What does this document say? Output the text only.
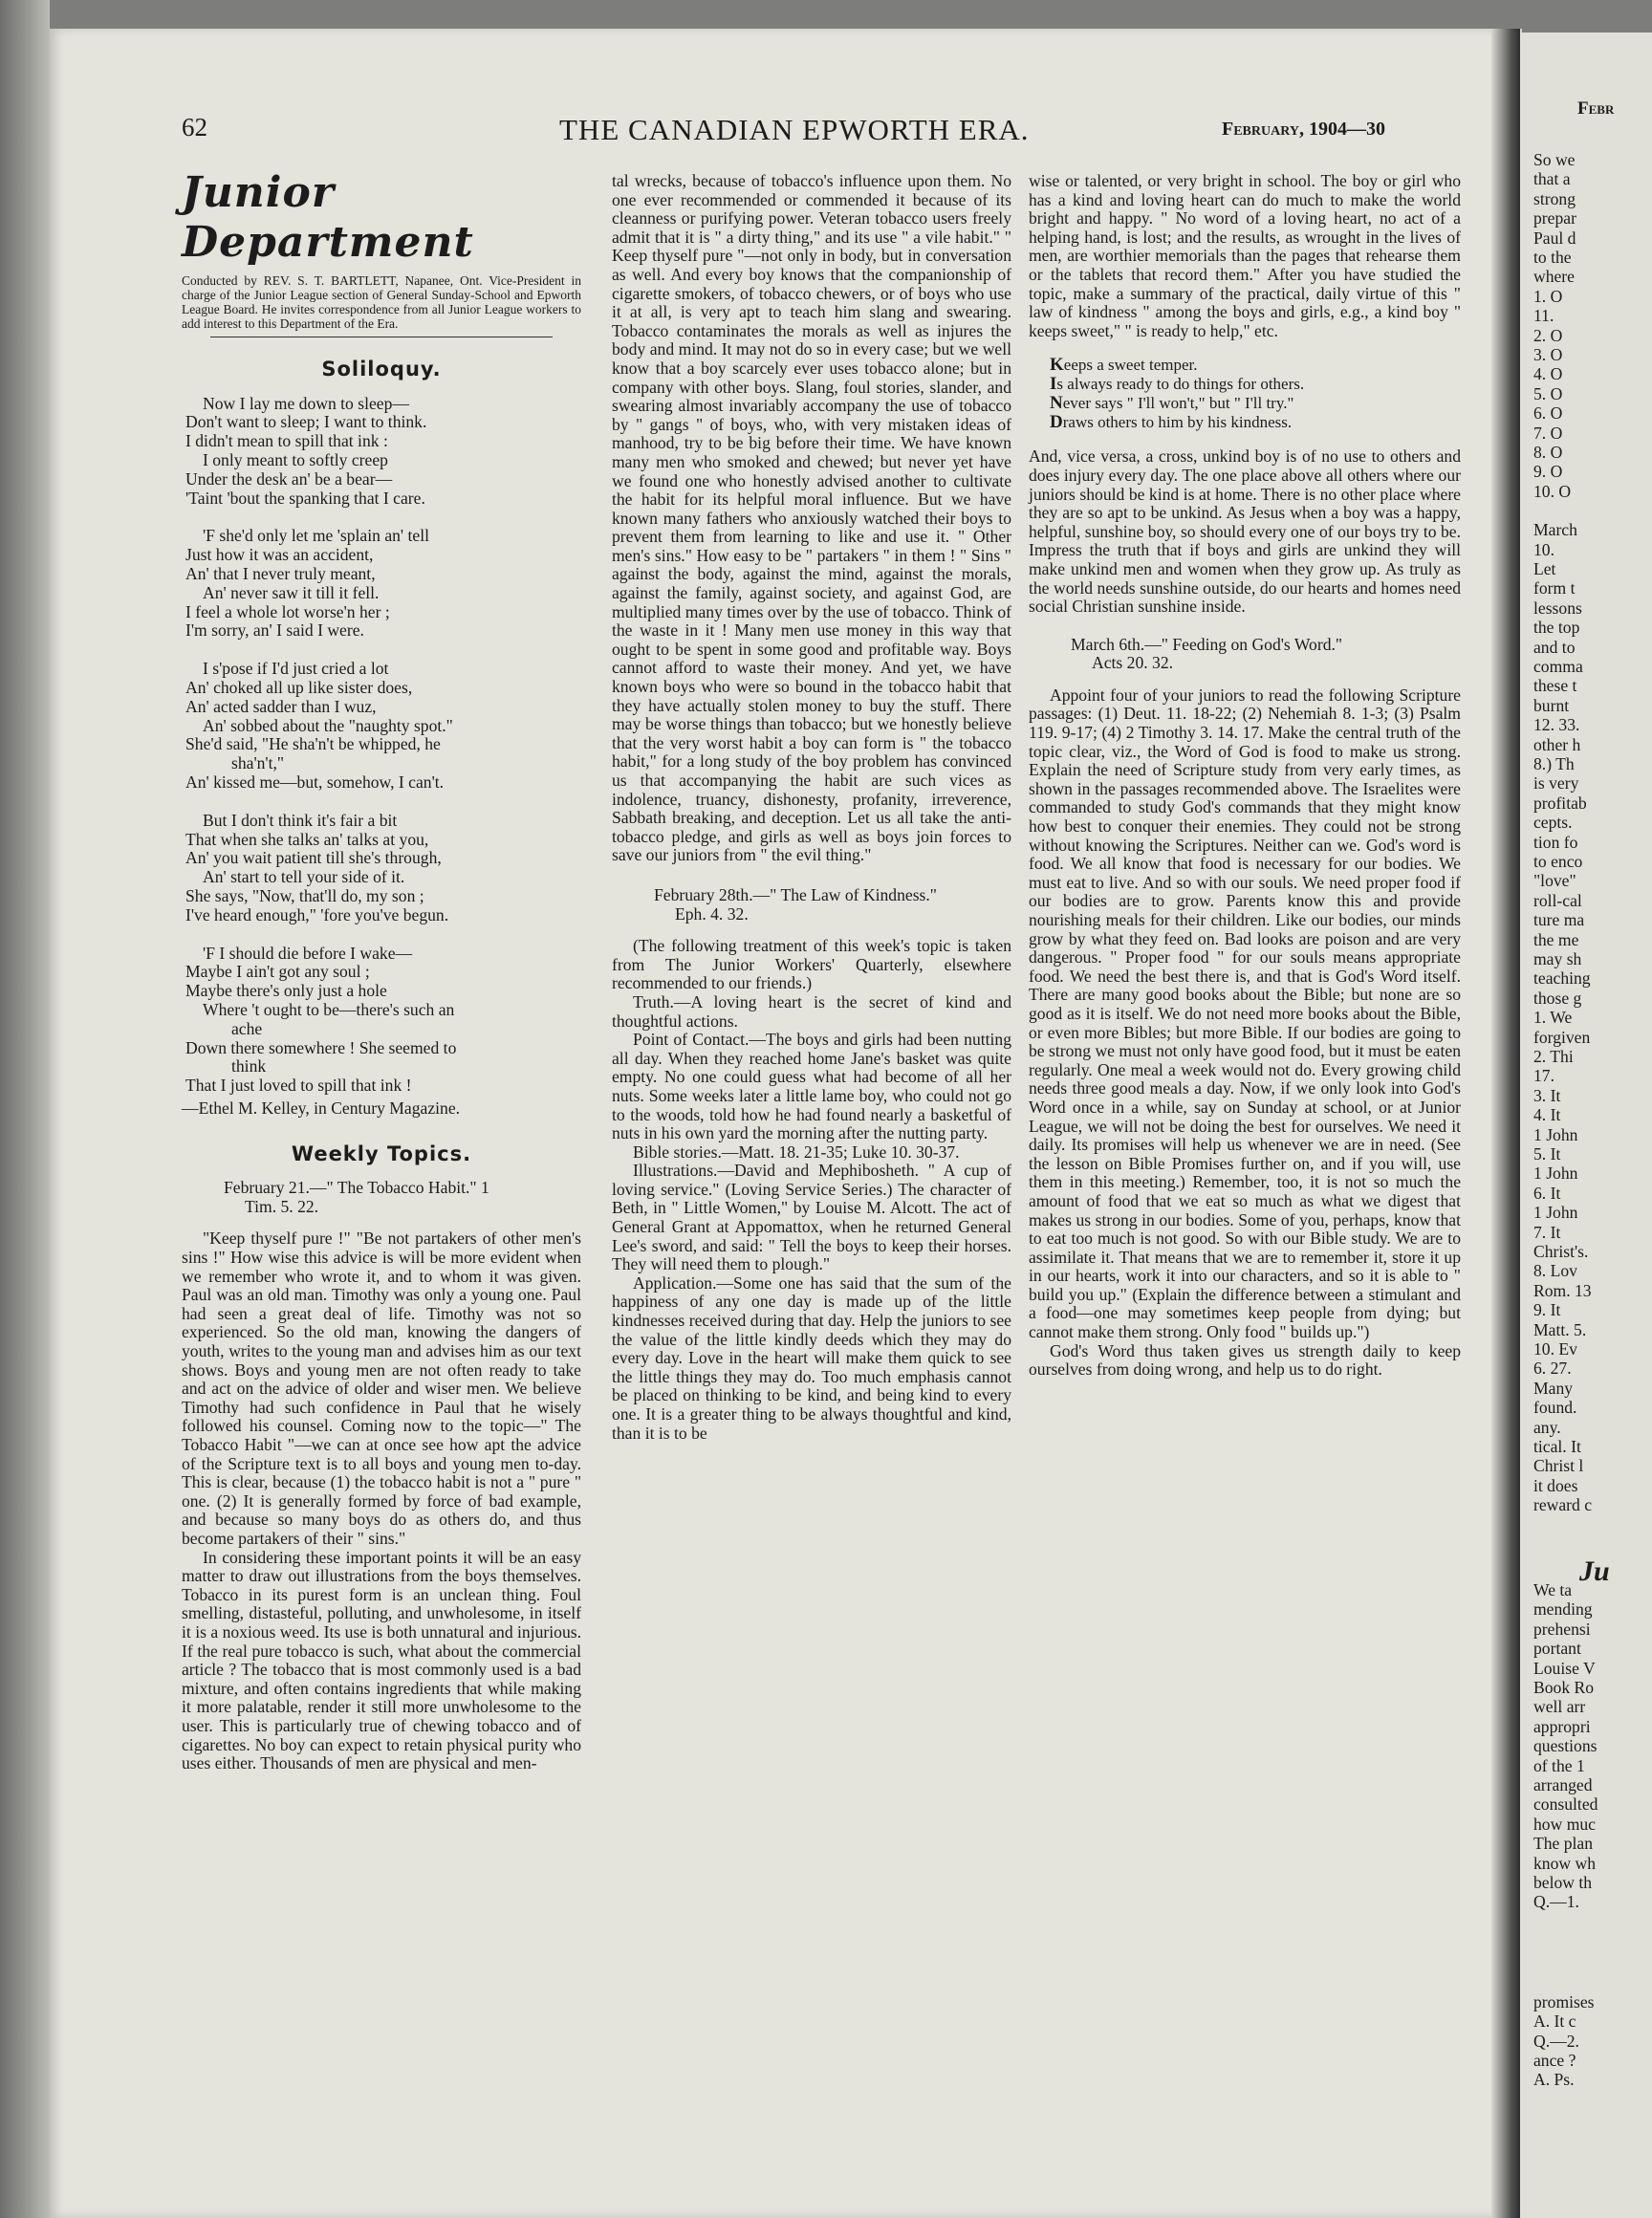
62	THE CANADIAN EPWORTH ERA.	February, 1904—30
Junior Department
Conducted by REV. S. T. BARTLETT, Napanee, Ont. Vice-President in charge of the Junior League section of General Sunday-School and Epworth League Board. He invites correspondence from all Junior League workers to add interest to this Department of the Era.
Soliloquy.
Now I lay me down to sleep—
Don't want to sleep; I want to think.
I didn't mean to spill that ink :
I only meant to softly creep
Under the desk an' be a bear—
'Taint 'bout the spanking that I care.
'F she'd only let me 'splain an' tell
Just how it was an accident,
An' that I never truly meant,
An' never saw it till it fell.
I feel a whole lot worse'n her ;
I'm sorry, an' I said I were.
I s'pose if I'd just cried a lot
An' choked all up like sister does,
An' acted sadder than I wuz,
An' sobbed about the "naughty spot."
She'd said, "He sha'n't be whipped, he
sha'n't,"
An' kissed me—but, somehow, I can't.
But I don't think it's fair a bit
That when she talks an' talks at you,
An' you wait patient till she's through,
An' start to tell your side of it.
She says, "Now, that'll do, my son ;
I've heard enough," 'fore you've begun.
'F I should die before I wake—
Maybe I ain't got any soul ;
Maybe there's only just a hole
Where 't ought to be—there's such an
ache
Down there somewhere ! She seemed to
think
That I just loved to spill that ink !
—Ethel M. Kelley, in Century Magazine.
Weekly Topics.

February 21.—" The Tobacco Habit." 1
Tim. 5. 22.

"Keep thyself pure !" "Be not partakers of other men's sins !" How wise this advice is will be more evident when we remember who wrote it, and to whom it was given. Paul was an old man. Timothy was only a young one. Paul had seen a great deal of life. Timothy was not so experienced. So the old man, knowing the dangers of youth, writes to the young man and advises him as our text shows. Boys and young men are not often ready to take and act on the advice of older and wiser men. We believe Timothy had such confidence in Paul that he wisely followed his counsel. Coming now to the topic—" The Tobacco Habit "—we can at once see how apt the advice of the Scripture text is to all boys and young men to-day. This is clear, because (1) the tobacco habit is not a " pure " one. (2) It is generally formed by force of bad example, and because so many boys do as others do, and thus become partakers of their " sins."

In considering these important points it will be an easy matter to draw out illustrations from the boys themselves. Tobacco in its purest form is an unclean thing. Foul smelling, distasteful, polluting, and unwholesome, in itself it is a noxious weed. Its use is both unnatural and injurious. If the real pure tobacco is such, what about the commercial article ? The tobacco that is most commonly used is a bad mixture, and often contains ingredients that while making it more palatable, render it still more unwholesome to the user. This is particularly true of chewing tobacco and of cigarettes. No boy can expect to retain physical purity who uses either. Thousands of men are physical and men-

tal wrecks, because of tobacco's influence upon them. No one ever recommended or commended it because of its cleanness or purifying power. Veteran tobacco users freely admit that it is " a dirty thing," and its use " a vile habit." " Keep thyself pure "—not only in body, but in conversation as well. And every boy knows that the companionship of cigarette smokers, of tobacco chewers, or of boys who use it at all, is very apt to teach him slang and swearing. Tobacco contaminates the morals as well as injures the body and mind. It may not do so in every case; but we well know that a boy scarcely ever uses tobacco alone; but in company with other boys. Slang, foul stories, slander, and swearing almost invariably accompany the use of tobacco by " gangs " of boys, who, with very mistaken ideas of manhood, try to be big before their time. We have known many men who smoked and chewed; but never yet have we found one who honestly advised another to cultivate the habit for its helpful moral influence. But we have known many fathers who anxiously watched their boys to prevent them from learning to like and use it. " Other men's sins." How easy to be " partakers " in them ! " Sins " against the body, against the mind, against the morals, against the family, against society, and against God, are multiplied many times over by the use of tobacco. Think of the waste in it ! Many men use money in this way that ought to be spent in some good and profitable way. Boys cannot afford to waste their money. And yet, we have known boys who were so bound in the tobacco habit that they have actually stolen money to buy the stuff. There may be worse things than tobacco; but we honestly believe that the very worst habit a boy can form is " the tobacco habit," for a long study of the boy problem has convinced us that accompanying the habit are such vices as indolence, truancy, dishonesty, profanity, irreverence, Sabbath breaking, and deception. Let us all take the anti-tobacco pledge, and girls as well as boys join forces to save our juniors from " the evil thing."

February 28th.—" The Law of Kindness."
Eph. 4. 32.

(The following treatment of this week's topic is taken from The Junior Workers' Quarterly, elsewhere recommended to our friends.)

Truth.—A loving heart is the secret of kind and thoughtful actions.

Point of Contact.—The boys and girls had been nutting all day. When they reached home Jane's basket was quite empty. No one could guess what had become of all her nuts. Some weeks later a little lame boy, who could not go to the woods, told how he had found nearly a basketful of nuts in his own yard the morning after the nutting party.

Bible stories.—Matt. 18. 21-35; Luke 10. 30-37.

Illustrations.—David and Mephibosheth. " A cup of loving service." (Loving Service Series.) The character of Beth, in " Little Women," by Louise M. Alcott. The act of General Grant at Appomattox, when he returned General Lee's sword, and said: " Tell the boys to keep their horses. They will need them to plough."

Application.—Some one has said that the sum of the happiness of any one day is made up of the little kindnesses received during that day. Help the juniors to see the value of the little kindly deeds which they may do every day. Love in the heart will make them quick to see the little things they may do. Too much emphasis cannot be placed on thinking to be kind, and being kind to every one. It is a greater thing to be always thoughtful and kind, than it is to be

wise or talented, or very bright in school. The boy or girl who has a kind and loving heart can do much to make the world bright and happy. " No word of a loving heart, no act of a helping hand, is lost; and the results, as wrought in the lives of men, are worthier memorials than the pages that rehearse them or the tablets that record them." After you have studied the topic, make a summary of the practical, daily virtue of this " law of kindness " among the boys and girls, e.g., a kind boy " keeps sweet," " is ready to help," etc.

Keeps a sweet temper.
Is always ready to do things for others.
Never says " I'll won't," but " I'll try."
Draws others to him by his kindness.

And, vice versa, a cross, unkind boy is of no use to others and does injury every day. The one place above all others where our juniors should be kind is at home. There is no other place where they are so apt to be unkind. As Jesus when a boy was a happy, helpful, sunshine boy, so should every one of our boys try to be. Impress the truth that if boys and girls are unkind they will make unkind men and women when they grow up. As truly as the world needs sunshine outside, do our hearts and homes need social Christian sunshine inside.

March 6th.—" Feeding on God's Word."
Acts 20. 32.

Appoint four of your juniors to read the following Scripture passages: (1) Deut. 11. 18-22; (2) Nehemiah 8. 1-3; (3) Psalm 119. 9-17; (4) 2 Timothy 3. 14. 17. Make the central truth of the topic clear, viz., the Word of God is food to make us strong. Explain the need of Scripture study from very early times, as shown in the passages recommended above. The Israelites were commanded to study God's commands that they might know how best to conquer their enemies. They could not be strong without knowing the Scriptures. Neither can we. God's word is food. We all know that food is necessary for our bodies. We must eat to live. And so with our souls. We need proper food if our bodies are to grow. Parents know this and provide nourishing meals for their children. Like our bodies, our minds grow by what they feed on. Bad looks are poison and are very dangerous. " Proper food " for our souls means appropriate food. We need the best there is, and that is God's Word itself. There are many good books about the Bible; but none are so good as it is itself. We do not need more books about the Bible, or even more Bibles; but more Bible. If our bodies are going to be strong we must not only have good food, but it must be eaten regularly. One meal a week would not do. Every growing child needs three good meals a day. Now, if we only look into God's Word once in a while, say on Sunday at school, or at Junior League, we will not be doing the best for ourselves. We need it daily. Its promises will help us whenever we are in need. (See the lesson on Bible Promises further on, and if you will, use them in this meeting.) Remember, too, it is not so much the amount of food that we eat so much as what we digest that makes us strong in our bodies. Some of you, perhaps, know that to eat too much is not good. So with our Bible study. We are to assimilate it. That means that we are to remember it, store it up in our hearts, work it into our characters, and so it is able to " build you up." (Explain the difference between a stimulant and a food—one may sometimes keep people from dying; but cannot make them strong. Only food " builds up.")

God's Word thus taken gives us strength daily to keep ourselves from doing wrong, and help us to do right.

Febr
So we
that a
strong
prepar
Paul d
to the
where
1. O
11.
2. O
3. O
4. O
5. O
6. O
7. O
8. O
9. O
10. O
March
10.
Let
form t
lessons
the top
and to
comma
these t
burnt
12. 33.
other h
8.) Th
is very
profitab
cepts.
tion fo
to enco
"love"
roll-cal
ture ma
the me
may sh
teaching
those g
1. We
forgiven
2. Thi
17.
3. It
4. It
1 John
5. It
1 John
6. It
1 John
7. It
Christ's.
8. Lov
Rom. 13
9. It
Matt. 5.
10. Ev
6. 27.
Many
found.
any.
tical. It
Christ l
it does
reward c
Ju
We ta
mending
prehensi
portant
Louise V
Book Ro
well arr
appropri
questions
of the 1
arranged
consulted
how muc
The plan
know wh
below th
Q.—1.
promises
A. It c
Q.—2.
ance ?
A. Ps.
